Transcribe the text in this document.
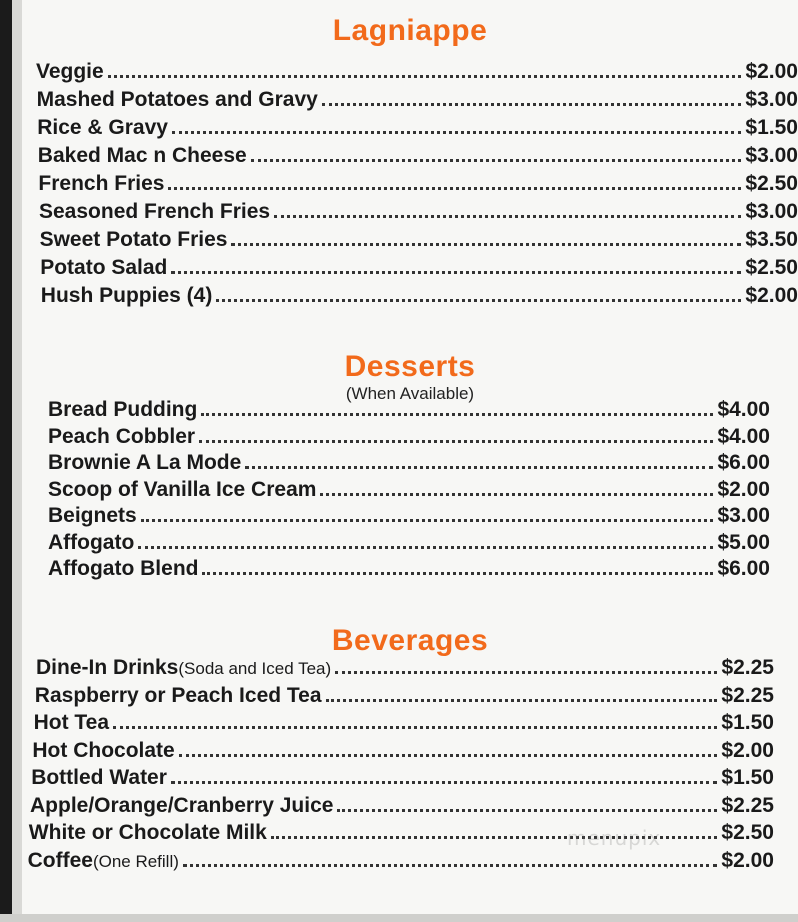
Lagniappe
Veggie	$2.00
Mashed Potatoes and Gravy	$3.00
Rice & Gravy	$1.50
Baked Mac n Cheese	$3.00
French Fries	$2.50
Seasoned French Fries	$3.00
Sweet Potato Fries	$3.50
Potato Salad	$2.50
Hush Puppies (4)	$2.00
Desserts
(When Available)
Bread Pudding	$4.00
Peach Cobbler	$4.00
Brownie A La Mode	$6.00
Scoop of Vanilla Ice Cream	$2.00
Beignets	$3.00
Affogato	$5.00
Affogato Blend	$6.00
Beverages
Dine-In Drinks (Soda and Iced Tea)	$2.25
Raspberry or Peach Iced Tea	$2.25
Hot Tea	$1.50
Hot Chocolate	$2.00
Bottled Water	$1.50
Apple/Orange/Cranberry Juice	$2.25
White or Chocolate Milk	$2.50
Coffee (One Refill)	$2.00
menupix
